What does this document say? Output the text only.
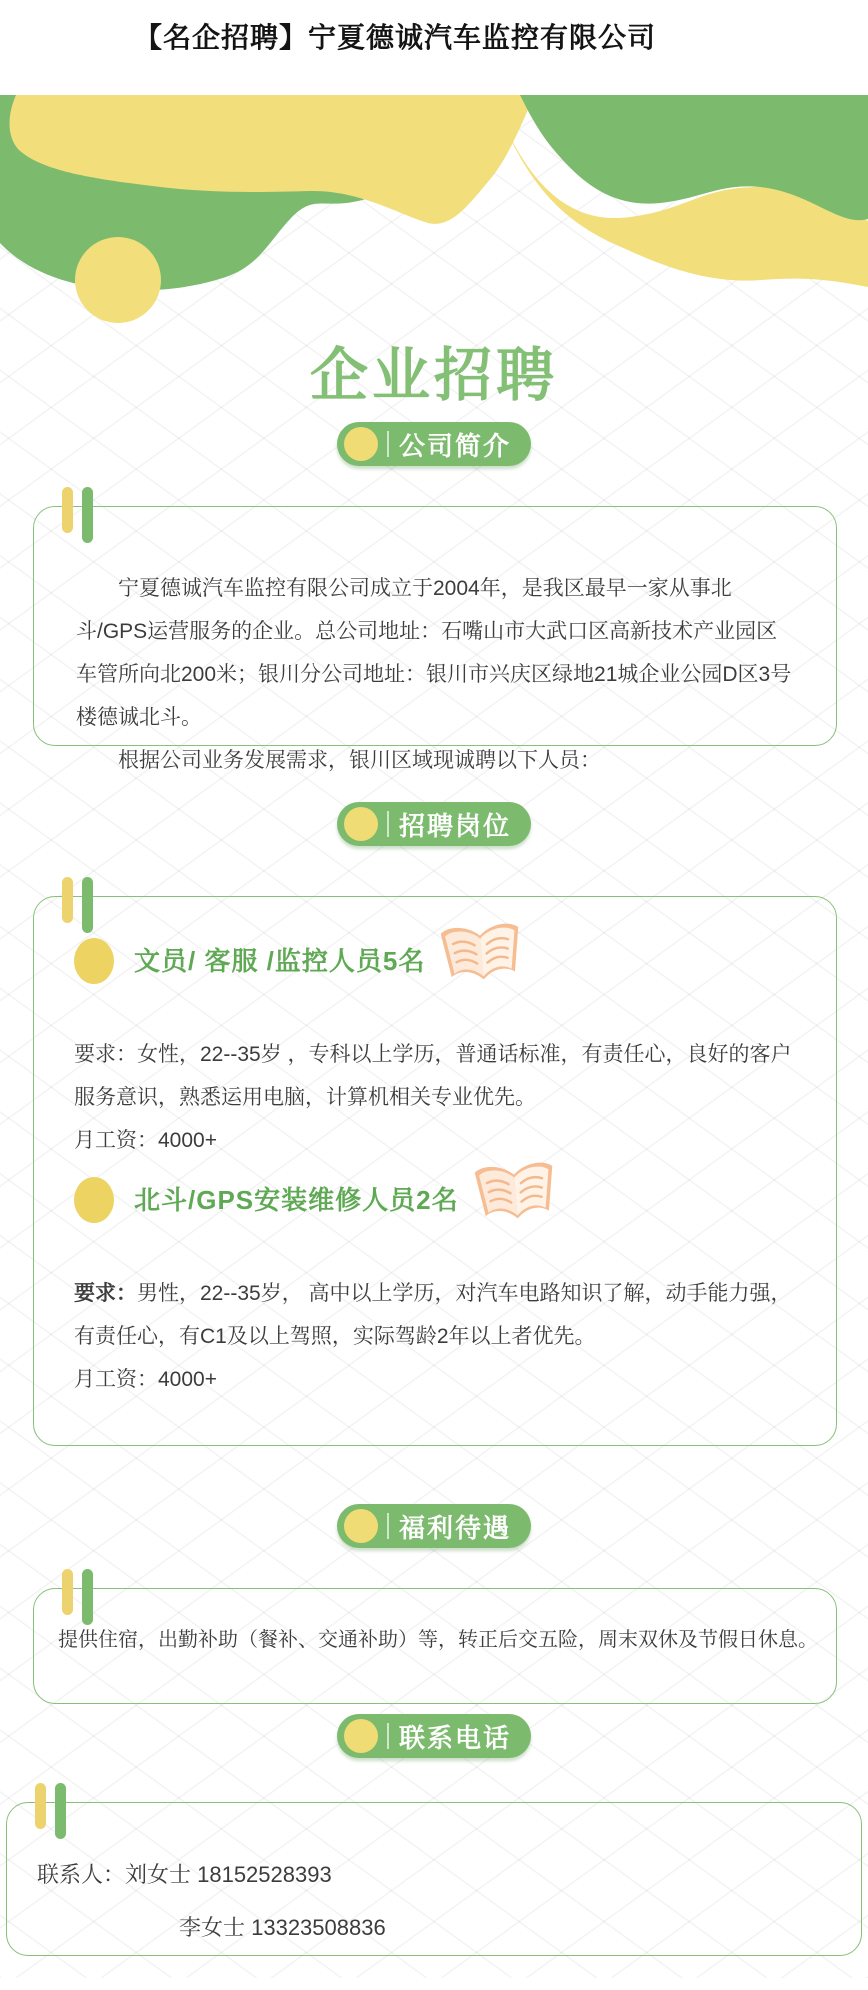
【名企招聘】宁夏德诚汽车监控有限公司
企业招聘
公司简介

宁夏德诚汽车监控有限公司成立于2004年，是我区最早一家从事北斗/GPS运营服务的企业。总公司地址：石嘴山市大武口区高新技术产业园区车管所向北200米；银川分公司地址：银川市兴庆区绿地21城企业公园D区3号楼德诚北斗。

根据公司业务发展需求，银川区域现诚聘以下人员：

招聘岗位
文员/ 客服 /监控人员5名

要求：女性，22--35岁 ，专科以上学历，普通话标准，有责任心，良好的客户服务意识，熟悉运用电脑，计算机相关专业优先。

月工资：4000+

北斗/GPS安装维修人员2名

要求：男性，22--35岁， 高中以上学历，对汽车电路知识了解，动手能力强，有责任心，有C1及以上驾照，实际驾龄2年以上者优先。

月工资：4000+

福利待遇

提供住宿，出勤补助（餐补、交通补助）等，转正后交五险，周末双休及节假日休息。

联系电话

联系人：刘女士 18152528393

李女士 13323508836
